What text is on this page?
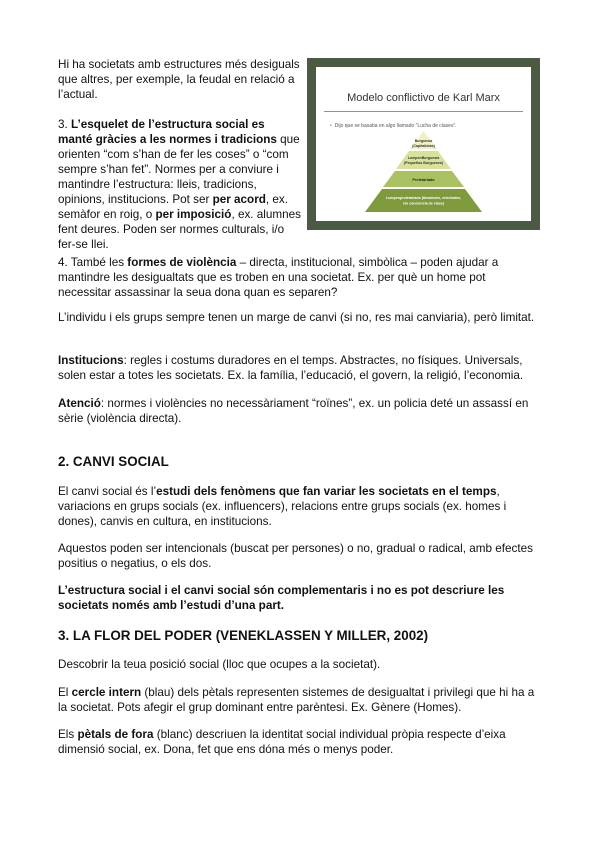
Hi ha societats amb estructures més desiguals que altres, per exemple, la feudal en relació a l’actual.

3. L’esquelet de l’estructura social es manté gràcies a les normes i tradicions que orienten “com s’han de fer les coses” o “com sempre s’han fet”. Normes per a conviure i mantindre l’estructura: lleis, tradicions, opinions, institucions. Pot ser per acord, ex. semàfor en roig, o per imposició, ex. alumnes fent deures. Poden ser normes culturals, i/o fer-se llei.

Modelo conflictivo de Karl Marx
• Dijo que se basaba en algo llamado “Lucha de clases”.
Burguesía
(Capitalistas)
LumpenBurguesía
(Pequeños Burgueses)
Proletariado
Lumpenproletariado (timadores, criminales,
sin conciencia de clase)

4. També les formes de violència – directa, institucional, simbòlica – poden ajudar a mantindre les desigualtats que es troben en una societat. Ex. per què un home pot necessitar assassinar la seua dona quan es separen?

L’individu i els grups sempre tenen un marge de canvi (si no, res mai canviaria), però limitat.

Institucions: regles i costums duradores en el temps. Abstractes, no físiques. Universals, solen estar a totes les societats. Ex. la família, l’educació, el govern, la religió, l’economia.

Atenció: normes i violències no necessàriament “roïnes”, ex. un policia deté un assassí en sèrie (violència directa).

2. CANVI SOCIAL

El canvi social és l’estudi dels fenòmens que fan variar les societats en el temps, variacions en grups socials (ex. influencers), relacions entre grups socials (ex. homes i dones), canvis en cultura, en institucions.

Aquestos poden ser intencionals (buscat per persones) o no, gradual o radical, amb efectes positius o negatius, o els dos.

L’estructura social i el canvi social són complementaris i no es pot descriure les societats només amb l’estudi d’una part.

3. LA FLOR DEL PODER (VENEKLASSEN Y MILLER, 2002)

Descobrir la teua posició social (lloc que ocupes a la societat).

El cercle intern (blau) dels pètals representen sistemes de desigualtat i privilegi que hi ha a la societat. Pots afegir el grup dominant entre parèntesi. Ex. Gènere (Homes).

Els pètals de fora (blanc) descriuen la identitat social individual pròpia respecte d’eixa dimensió social, ex. Dona, fet que ens dóna més o menys poder.
